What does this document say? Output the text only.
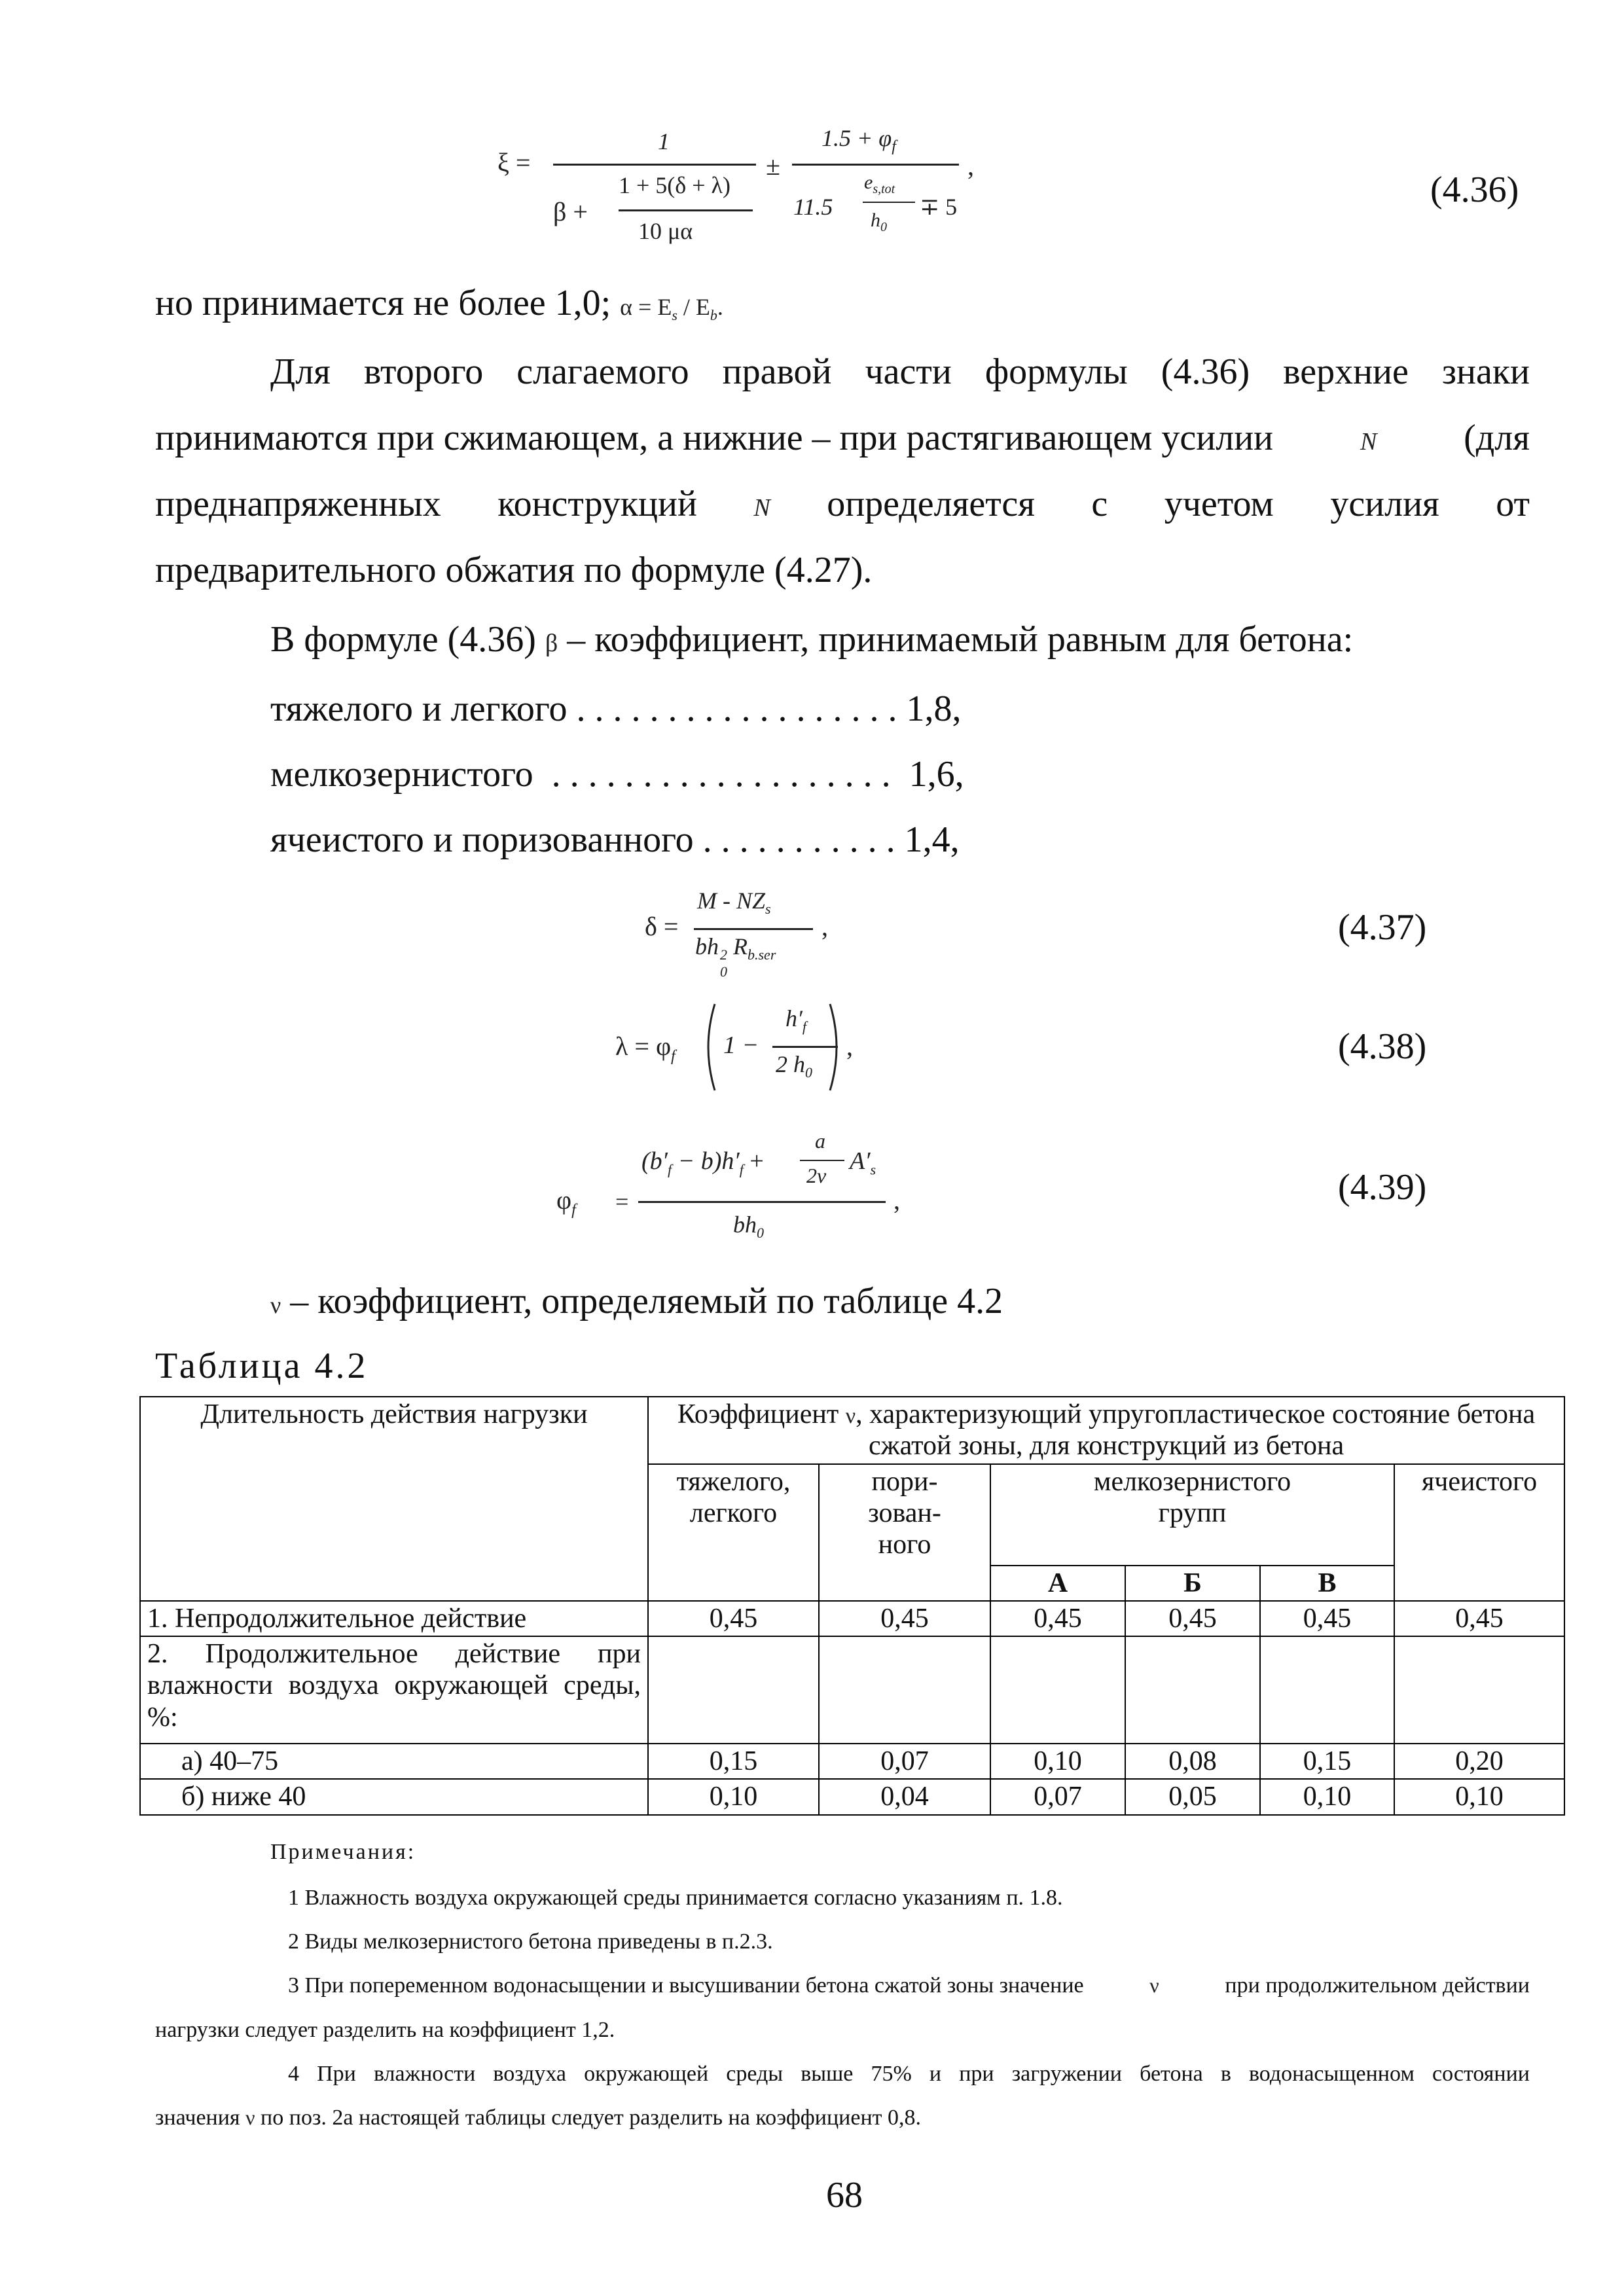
ξ =
1
1 + 5(δ + λ)
β +
10 μα
±
$1.5 + \varphi_f$
11.5
$e_{s,tot}$
$h_0$
∓ 5
,
(4.36)
но принимается не более 1,0; $\alpha = E_s / E_b$.
Для второго слагаемого правой части формулы (4.36) верхние знаки
принимаются при сжимающем, а нижние – при растягивающем усилии	N (для
преднапряженных конструкций N определяется с учетом усилия от
предварительного обжатия по формуле (4.27).
В формуле (4.36) β – коэффициент, принимаемый равным для бетона:
тяжелого и легкого . . . . . . . . . . . . . . . . . . 1,8,
мелкозернистого  . . . . . . . . . . . . . . . . . . .  1,6,
ячеистого и поризованного . . . . . . . . . . . 1,4,
δ =
M - $NZ_s$
bh 2
0
$R_{b.ser}$
,	(4.37)
$\lambda = \varphi_f$ 1 −
$h'_f$
2 $h_0$
,	(4.38)
$\varphi_f$ =
$(b'_f - b)h'_f$ +
a
2ν
$A'_s$
$bh_0$
,	(4.39)
ν – коэффициент, определяемый по таблице 4.2
Таблица 4.2
Длительность действия нагрузки	Коэффициент ν, характеризующий упругопластическое состояние бетона сжатой зоны, для конструкций из бетона					
	тяжелого, легкого	пори-
зован-
ного	мелкозернистого
групп			ячеистого
			А	Б	В	
1. Непродолжительное действие	0,45	0,45	0,45	0,45	0,45	0,45
2. Продолжительное действие при влажности воздуха окружающей среды, %:						
а) 40–75	0,15	0,07	0,10	0,08	0,15	0,20
б) ниже 40	0,10	0,04	0,07	0,05	0,10	0,10
Примечания:
1 Влажность воздуха окружающей среды принимается согласно указаниям п. 1.8.
2 Виды мелкозернистого бетона приведены в п.2.3.
3 При попеременном водонасыщении и высушивании бетона сжатой зоны значение	ν	при продолжительном действии
нагрузки следует разделить на коэффициент 1,2.
4 При влажности воздуха окружающей среды выше 75% и при загружении бетона в водонасыщенном состоянии
значения ν по поз. 2а настоящей таблицы следует разделить на коэффициент 0,8.
68
